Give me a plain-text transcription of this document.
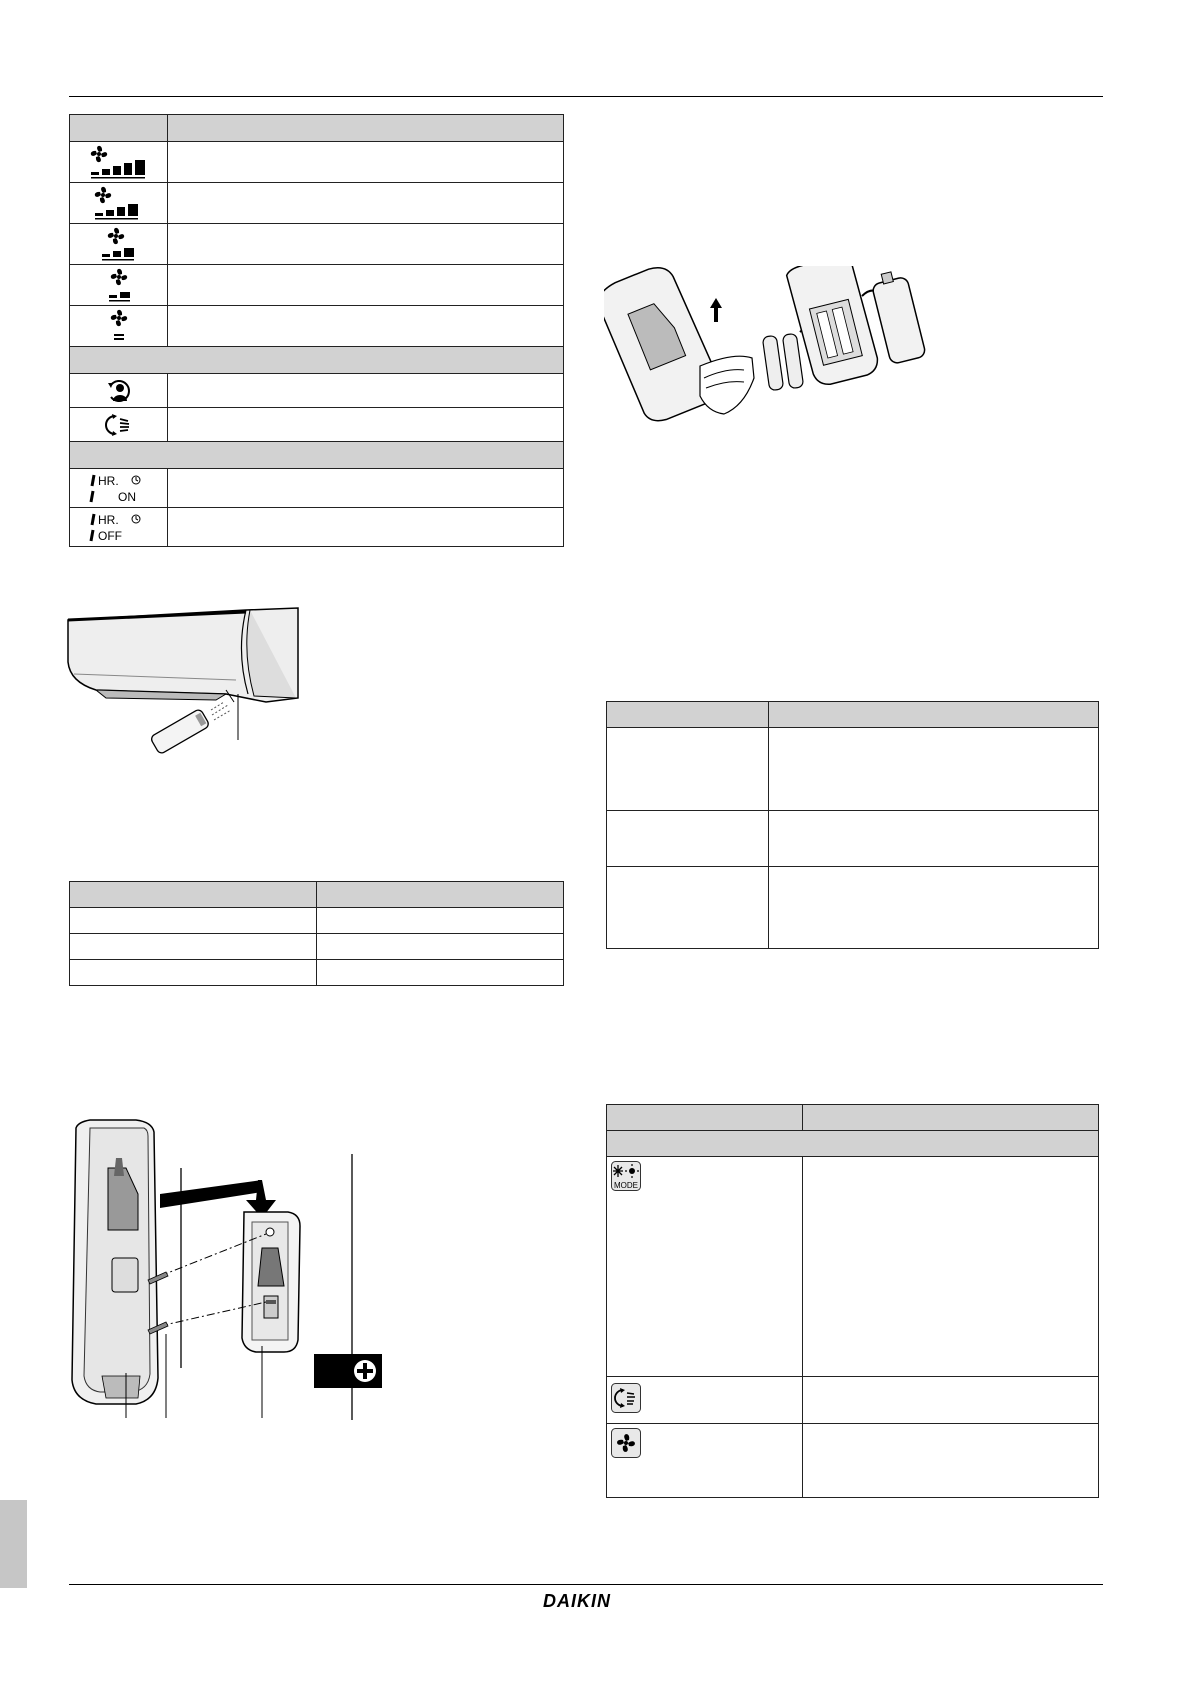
HR.
ON	

HR.
OFF	

MODE	

DAIKIN
